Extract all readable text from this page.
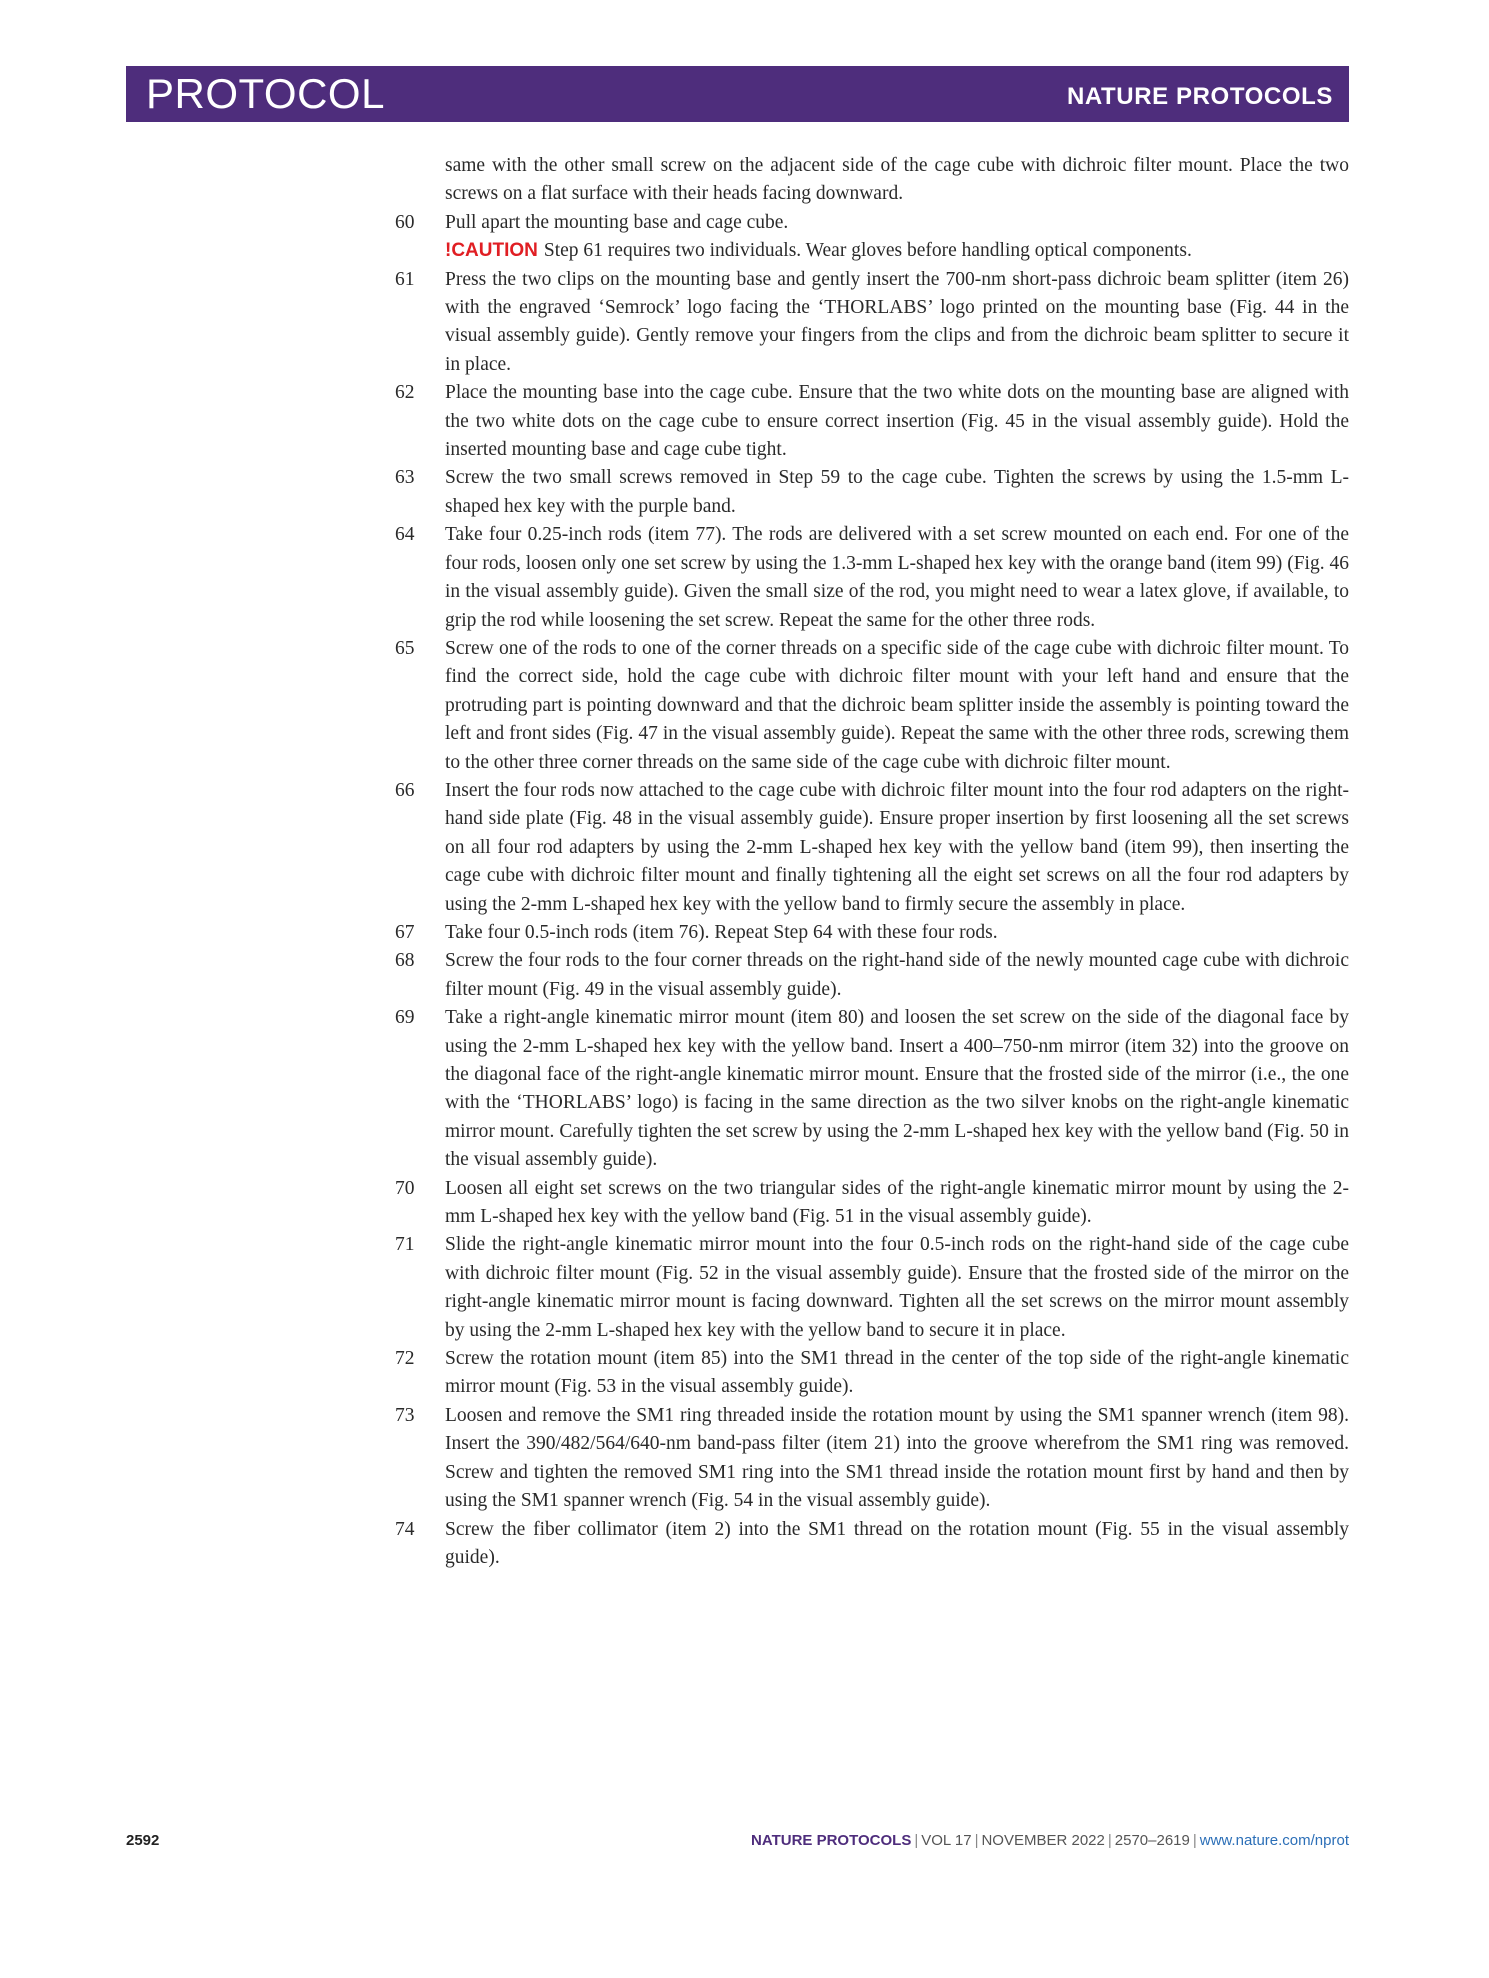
PROTOCOL	NATURE PROTOCOLS

same with the other small screw on the adjacent side of the cage cube with dichroic filter mount. Place the two screws on a flat surface with their heads facing downward.

60 Pull apart the mounting base and cage cube.

!CAUTION Step 61 requires two individuals. Wear gloves before handling optical components.

61 Press the two clips on the mounting base and gently insert the 700-nm short-pass dichroic beam splitter (item 26) with the engraved ‘Semrock’ logo facing the ‘THORLABS’ logo printed on the mounting base (Fig. 44 in the visual assembly guide). Gently remove your fingers from the clips and from the dichroic beam splitter to secure it in place.

62 Place the mounting base into the cage cube. Ensure that the two white dots on the mounting base are aligned with the two white dots on the cage cube to ensure correct insertion (Fig. 45 in the visual assembly guide). Hold the inserted mounting base and cage cube tight.

63 Screw the two small screws removed in Step 59 to the cage cube. Tighten the screws by using the 1.5-mm L-shaped hex key with the purple band.

64 Take four 0.25-inch rods (item 77). The rods are delivered with a set screw mounted on each end. For one of the four rods, loosen only one set screw by using the 1.3-mm L-shaped hex key with the orange band (item 99) (Fig. 46 in the visual assembly guide). Given the small size of the rod, you might need to wear a latex glove, if available, to grip the rod while loosening the set screw. Repeat the same for the other three rods.

65 Screw one of the rods to one of the corner threads on a specific side of the cage cube with dichroic filter mount. To find the correct side, hold the cage cube with dichroic filter mount with your left hand and ensure that the protruding part is pointing downward and that the dichroic beam splitter inside the assembly is pointing toward the left and front sides (Fig. 47 in the visual assembly guide). Repeat the same with the other three rods, screwing them to the other three corner threads on the same side of the cage cube with dichroic filter mount.

66 Insert the four rods now attached to the cage cube with dichroic filter mount into the four rod adapters on the right-hand side plate (Fig. 48 in the visual assembly guide). Ensure proper insertion by first loosening all the set screws on all four rod adapters by using the 2-mm L-shaped hex key with the yellow band (item 99), then inserting the cage cube with dichroic filter mount and finally tightening all the eight set screws on all the four rod adapters by using the 2-mm L-shaped hex key with the yellow band to firmly secure the assembly in place.

67 Take four 0.5-inch rods (item 76). Repeat Step 64 with these four rods.

68 Screw the four rods to the four corner threads on the right-hand side of the newly mounted cage cube with dichroic filter mount (Fig. 49 in the visual assembly guide).

69 Take a right-angle kinematic mirror mount (item 80) and loosen the set screw on the side of the diagonal face by using the 2-mm L-shaped hex key with the yellow band. Insert a 400–750-nm mirror (item 32) into the groove on the diagonal face of the right-angle kinematic mirror mount. Ensure that the frosted side of the mirror (i.e., the one with the ‘THORLABS’ logo) is facing in the same direction as the two silver knobs on the right-angle kinematic mirror mount. Carefully tighten the set screw by using the 2-mm L-shaped hex key with the yellow band (Fig. 50 in the visual assembly guide).

70 Loosen all eight set screws on the two triangular sides of the right-angle kinematic mirror mount by using the 2-mm L-shaped hex key with the yellow band (Fig. 51 in the visual assembly guide).

71 Slide the right-angle kinematic mirror mount into the four 0.5-inch rods on the right-hand side of the cage cube with dichroic filter mount (Fig. 52 in the visual assembly guide). Ensure that the frosted side of the mirror on the right-angle kinematic mirror mount is facing downward. Tighten all the set screws on the mirror mount assembly by using the 2-mm L-shaped hex key with the yellow band to secure it in place.

72 Screw the rotation mount (item 85) into the SM1 thread in the center of the top side of the right-angle kinematic mirror mount (Fig. 53 in the visual assembly guide).

73 Loosen and remove the SM1 ring threaded inside the rotation mount by using the SM1 spanner wrench (item 98). Insert the 390/482/564/640-nm band-pass filter (item 21) into the groove wherefrom the SM1 ring was removed. Screw and tighten the removed SM1 ring into the SM1 thread inside the rotation mount first by hand and then by using the SM1 spanner wrench (Fig. 54 in the visual assembly guide).

74 Screw the fiber collimator (item 2) into the SM1 thread on the rotation mount (Fig. 55 in the visual assembly guide).

2592	NATURE PROTOCOLS | VOL 17 | NOVEMBER 2022 | 2570–2619 | www.nature.com/nprot
